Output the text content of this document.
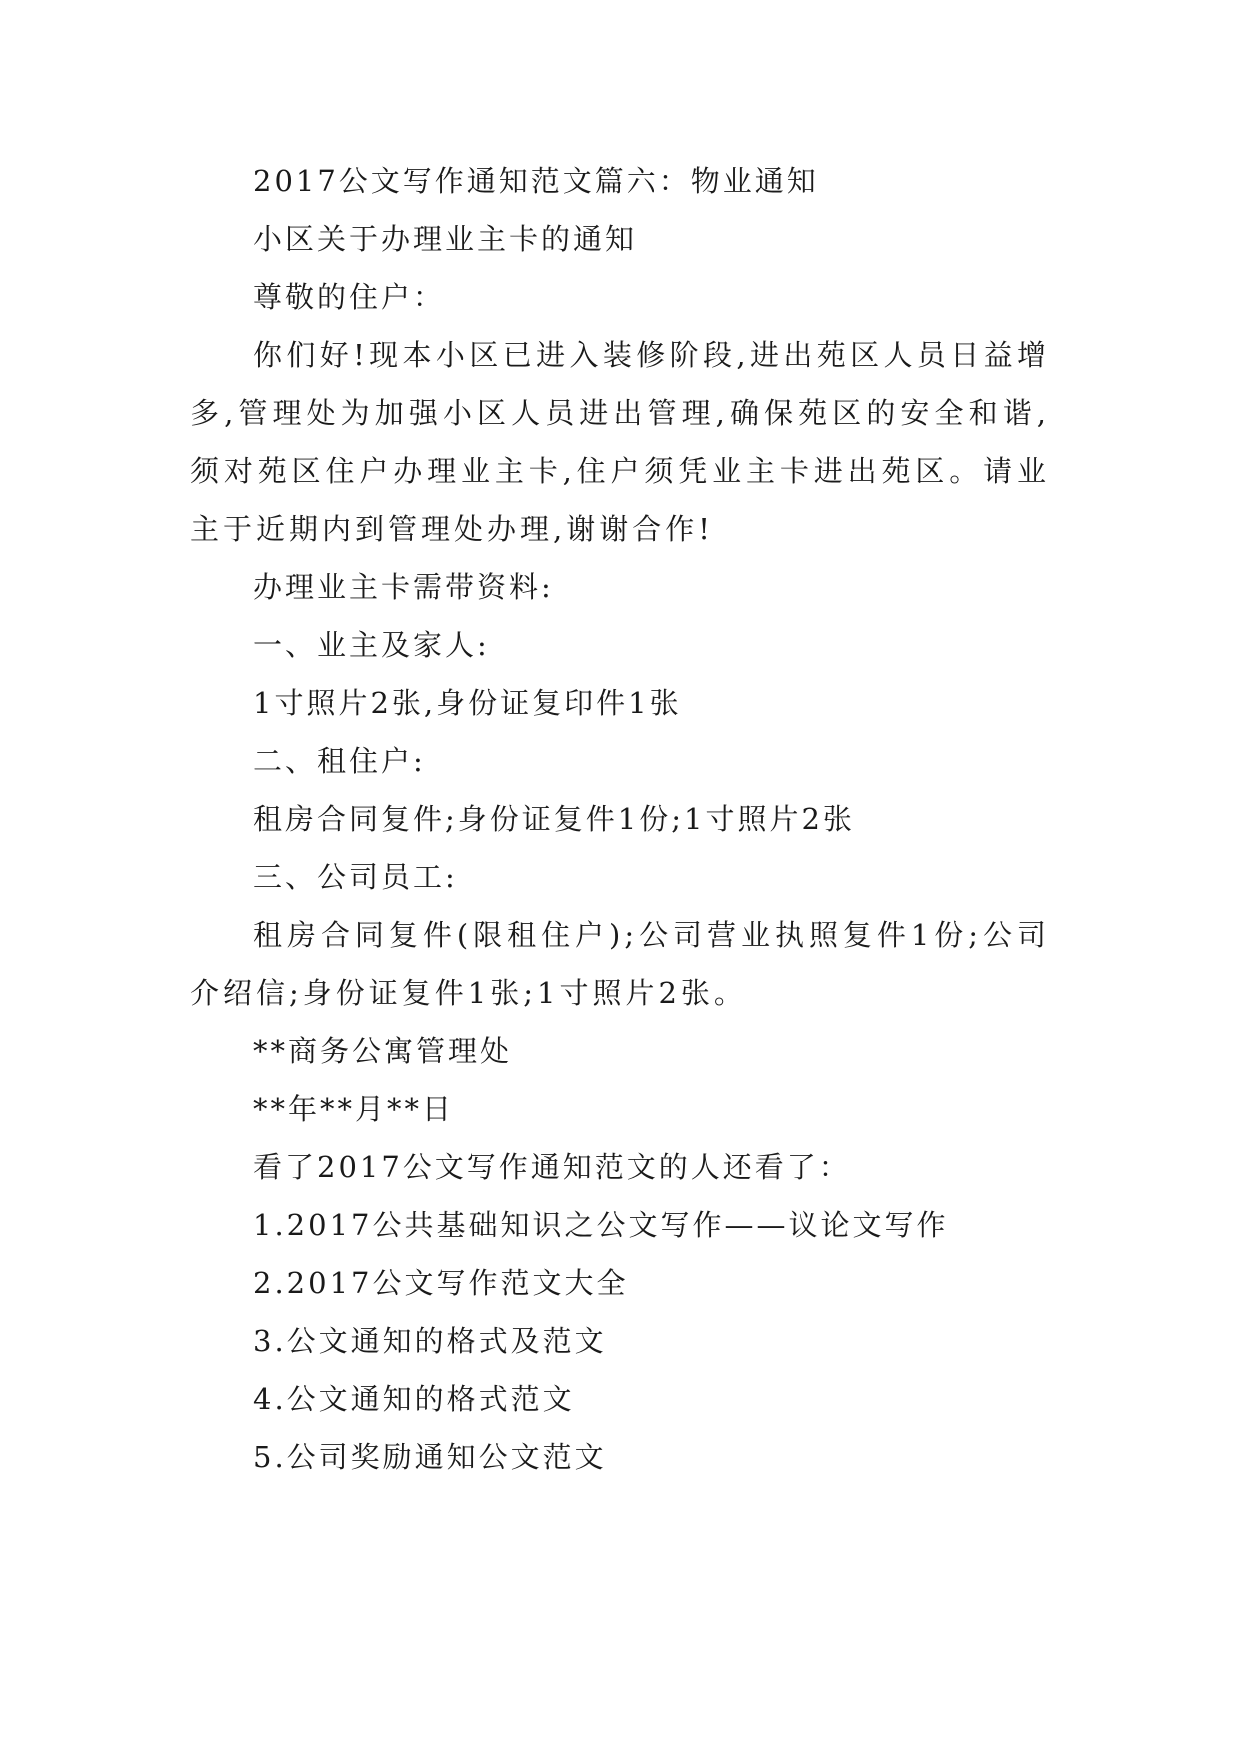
2017公文写作通知范文篇六：物业通知

小区关于办理业主卡的通知

尊敬的住户：

你们好!现本小区已进入装修阶段,进出苑区人员日益增多,管理处为加强小区人员进出管理,确保苑区的安全和谐,须对苑区住户办理业主卡,住户须凭业主卡进出苑区。请业主于近期内到管理处办理,谢谢合作!

办理业主卡需带资料:

一、业主及家人:

1寸照片2张,身份证复印件1张

二、租住户:

租房合同复件;身份证复件1份;1寸照片2张

三、公司员工:

租房合同复件(限租住户);公司营业执照复件1份;公司介绍信;身份证复件1张;1寸照片2张。

**商务公寓管理处

**年**月**日

看了2017公文写作通知范文的人还看了：

1.2017公共基础知识之公文写作——议论文写作

2.2017公文写作范文大全

3.公文通知的格式及范文

4.公文通知的格式范文

5.公司奖励通知公文范文
